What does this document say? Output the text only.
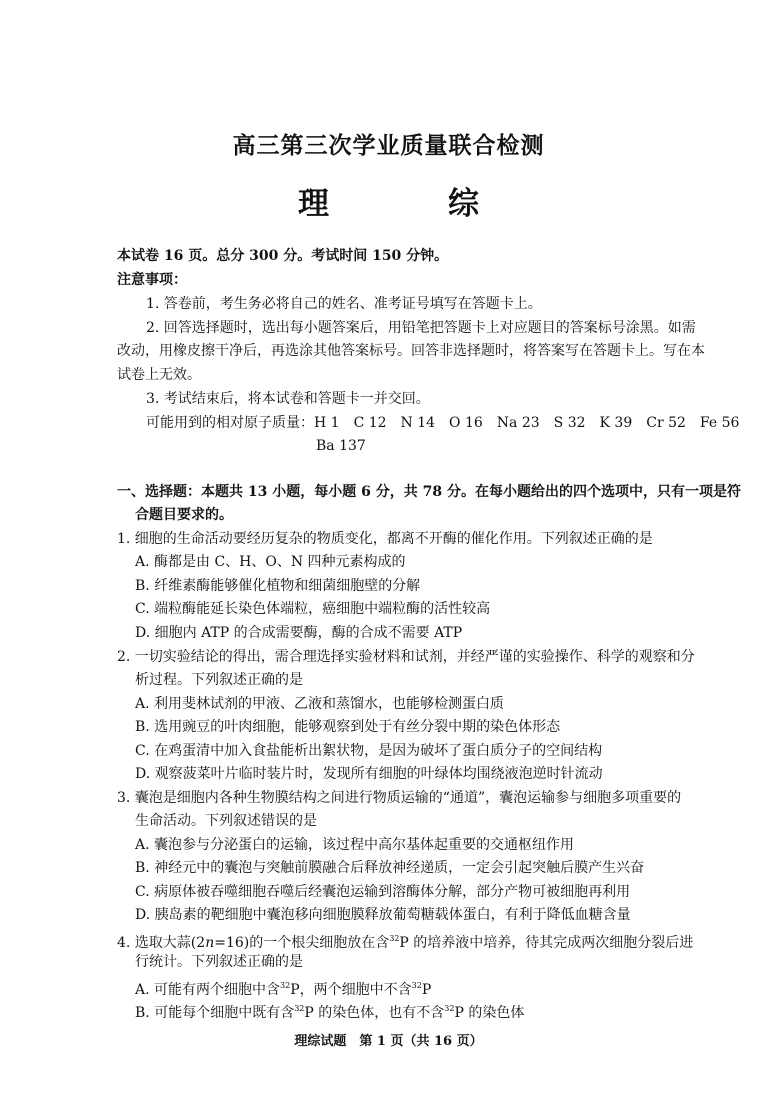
高三第三次学业质量联合检测
理　综
本试卷 16 页。总分 300 分。考试时间 150 分钟。
注意事项：
1. 答卷前，考生务必将自己的姓名、准考证号填写在答题卡上。
2. 回答选择题时，选出每小题答案后，用铅笔把答题卡上对应题目的答案标号涂黑。如需
改动，用橡皮擦干净后，再选涂其他答案标号。回答非选择题时，将答案写在答题卡上。写在本
试卷上无效。
3. 考试结束后，将本试卷和答题卡一并交回。
可能用到的相对原子质量：H 1　C 12　N 14　O 16　Na 23　S 32　K 39　Cr 52　Fe 56
Ba 137
一、选择题：本题共 13 小题，每小题 6 分，共 78 分。在每小题给出的四个选项中，只有一项是符
合题目要求的。
1. 细胞的生命活动要经历复杂的物质变化，都离不开酶的催化作用。下列叙述正确的是
A. 酶都是由 C、H、O、N 四种元素构成的
B. 纤维素酶能够催化植物和细菌细胞壁的分解
C. 端粒酶能延长染色体端粒，癌细胞中端粒酶的活性较高
D. 细胞内 ATP 的合成需要酶，酶的合成不需要 ATP
2. 一切实验结论的得出，需合理选择实验材料和试剂，并经严谨的实验操作、科学的观察和分
析过程。下列叙述正确的是
A. 利用斐林试剂的甲液、乙液和蒸馏水，也能够检测蛋白质
B. 选用豌豆的叶肉细胞，能够观察到处于有丝分裂中期的染色体形态
C. 在鸡蛋清中加入食盐能析出絮状物，是因为破坏了蛋白质分子的空间结构
D. 观察菠菜叶片临时装片时，发现所有细胞的叶绿体均围绕液泡逆时针流动
3. 囊泡是细胞内各种生物膜结构之间进行物质运输的“通道”，囊泡运输参与细胞多项重要的
生命活动。下列叙述错误的是
A. 囊泡参与分泌蛋白的运输，该过程中高尔基体起重要的交通枢纽作用
B. 神经元中的囊泡与突触前膜融合后释放神经递质，一定会引起突触后膜产生兴奋
C. 病原体被吞噬细胞吞噬后经囊泡运输到溶酶体分解，部分产物可被细胞再利用
D. 胰岛素的靶细胞中囊泡移向细胞膜释放葡萄糖载体蛋白，有利于降低血糖含量
4. 选取大蒜(2n=16)的一个根尖细胞放在含$^{32}$P 的培养液中培养，待其完成两次细胞分裂后进
行统计。下列叙述正确的是
A. 可能有两个细胞中含$^{32}$P，两个细胞中不含$^{32}$P
B. 可能每个细胞中既有含$^{32}$P 的染色体，也有不含$^{32}$P 的染色体
理综试题　第 1 页（共 16 页）
